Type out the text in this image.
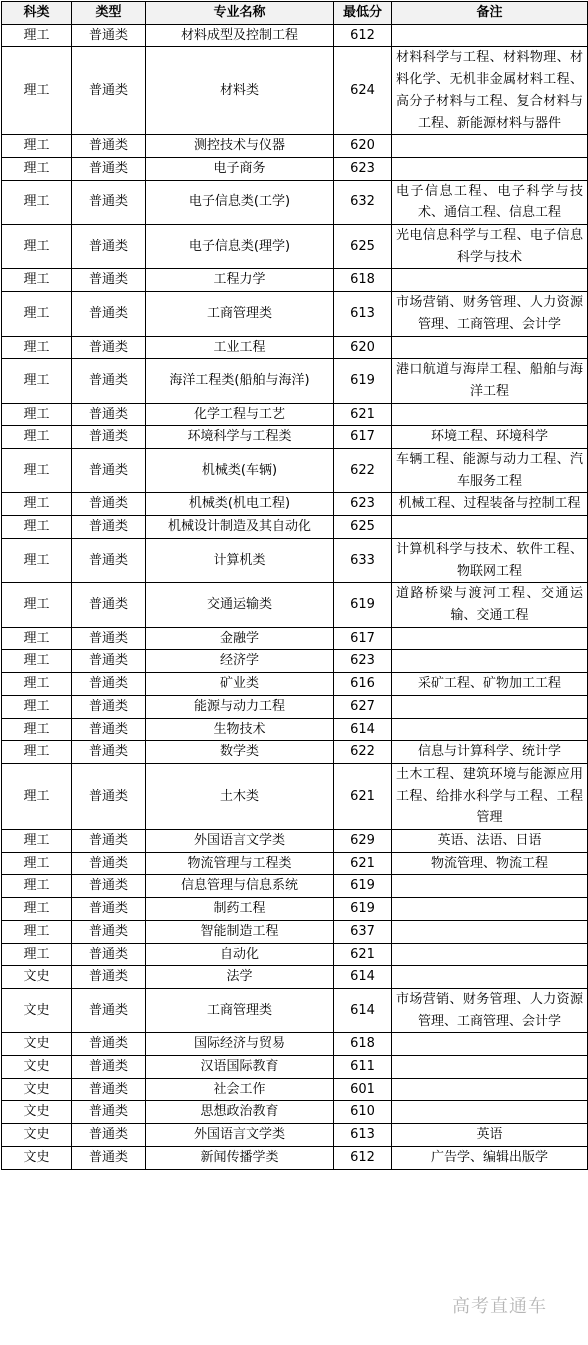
科类	类型	专业名称	最低分	备注
理工	普通类	材料成型及控制工程	612	
理工	普通类	材料类	624	材料科学与工程、材料物理、材料化学、无机非金属材料工程、高分子材料与工程、复合材料与工程、新能源材料与器件
理工	普通类	测控技术与仪器	620	
理工	普通类	电子商务	623	
理工	普通类	电子信息类(工学)	632	电子信息工程、电子科学与技术、通信工程、信息工程
理工	普通类	电子信息类(理学)	625	光电信息科学与工程、电子信息科学与技术
理工	普通类	工程力学	618	
理工	普通类	工商管理类	613	市场营销、财务管理、人力资源管理、工商管理、会计学
理工	普通类	工业工程	620	
理工	普通类	海洋工程类(船舶与海洋)	619	港口航道与海岸工程、船舶与海洋工程
理工	普通类	化学工程与工艺	621	
理工	普通类	环境科学与工程类	617	环境工程、环境科学
理工	普通类	机械类(车辆)	622	车辆工程、能源与动力工程、汽车服务工程
理工	普通类	机械类(机电工程)	623	机械工程、过程装备与控制工程
理工	普通类	机械设计制造及其自动化	625	
理工	普通类	计算机类	633	计算机科学与技术、软件工程、物联网工程
理工	普通类	交通运输类	619	道路桥梁与渡河工程、交通运输、交通工程
理工	普通类	金融学	617	
理工	普通类	经济学	623	
理工	普通类	矿业类	616	采矿工程、矿物加工工程
理工	普通类	能源与动力工程	627	
理工	普通类	生物技术	614	
理工	普通类	数学类	622	信息与计算科学、统计学
理工	普通类	土木类	621	土木工程、建筑环境与能源应用工程、给排水科学与工程、工程管理
理工	普通类	外国语言文学类	629	英语、法语、日语
理工	普通类	物流管理与工程类	621	物流管理、物流工程
理工	普通类	信息管理与信息系统	619	
理工	普通类	制药工程	619	
理工	普通类	智能制造工程	637	
理工	普通类	自动化	621	
文史	普通类	法学	614	
文史	普通类	工商管理类	614	市场营销、财务管理、人力资源管理、工商管理、会计学
文史	普通类	国际经济与贸易	618	
文史	普通类	汉语国际教育	611	
文史	普通类	社会工作	601	
文史	普通类	思想政治教育	610	
文史	普通类	外国语言文学类	613	英语
文史	普通类	新闻传播学类	612	广告学、编辑出版学
高考直通车
